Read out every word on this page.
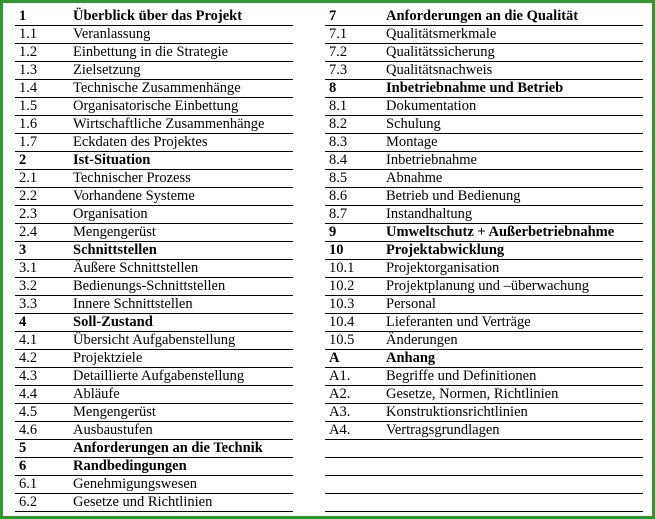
1	Überblick über das Projekt
1.1 Veranlassung
1.2 Einbettung in die Strategie
1.3 Zielsetzung
1.4 Technische Zusammenhänge
1.5 Organisatorische Einbettung
1.6 Wirtschaftliche Zusammenhänge
1.7 Eckdaten des Projektes
2	Ist-Situation
2.1 Technischer Prozess
2.2 Vorhandene Systeme
2.3 Organisation
2.4 Mengengerüst
3	Schnittstellen
3.1 Äußere Schnittstellen
3.2 Bedienungs-Schnittstellen
3.3 Innere Schnittstellen
4	Soll-Zustand
4.1 Übersicht Aufgabenstellung
4.2 Projektziele
4.3 Detaillierte Aufgabenstellung
4.4 Abläufe
4.5 Mengengerüst
4.6 Ausbaustufen
5	Anforderungen an die Technik
6	Randbedingungen
6.1 Genehmigungswesen
6.2 Gesetze und Richtlinien
7	Anforderungen an die Qualität
7.1	Qualitätsmerkmale
7.2	Qualitätssicherung
7.3	Qualitätsnachweis
8	Inbetriebnahme und Betrieb
8.1	Dokumentation
8.2	Schulung
8.3	Montage
8.4	Inbetriebnahme
8.5	Abnahme
8.6	Betrieb und Bedienung
8.7	Instandhaltung
9	Umweltschutz + Außerbetriebnahme
10	Projektabwicklung
10.1 Projektorganisation
10.2 Projektplanung und –überwachung
10.3 Personal
10.4 Lieferanten und Verträge
10.5 Änderungen
A	Anhang
A1. Begriffe und Definitionen
A2. Gesetze, Normen, Richtlinien
A3. Konstruktionsrichtlinien
A4. Vertragsgrundlagen
